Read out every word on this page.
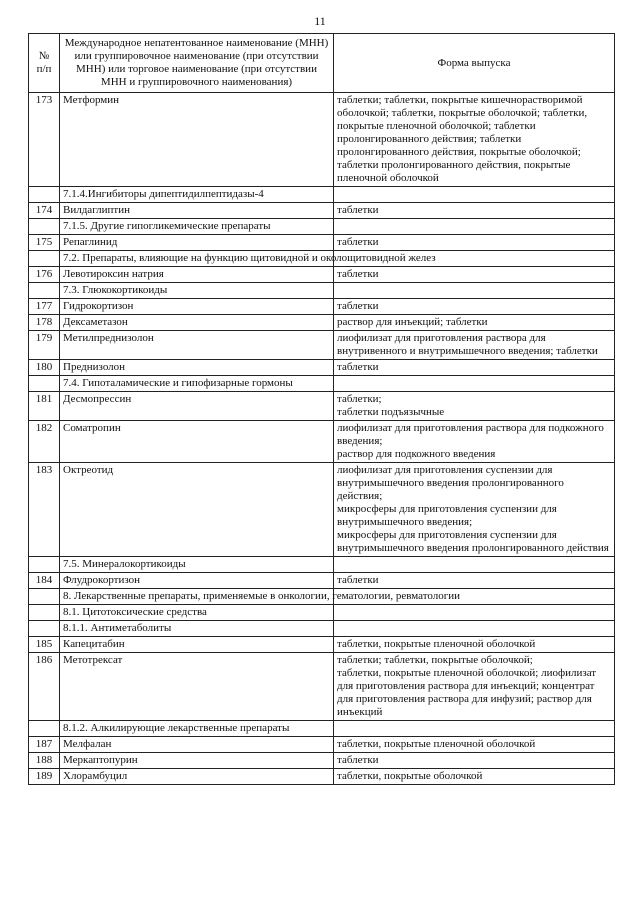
11
№
п/п	Международное непатентованное наименование (МНН) или группировочное наименование (при отсутствии МНН) или торговое наименование (при отсутствии МНН и группировочного наименования)	Форма выпуска
173	Метформин	таблетки; таблетки, покрытые кишечнорастворимой оболочкой; таблетки, покрытые оболочкой; таблетки, покрытые пленочной оболочкой; таблетки пролонгированного действия; таблетки пролонгированного действия, покрытые оболочкой; таблетки пролонгированного действия, покрытые пленочной оболочкой
	7.1.4.Ингибиторы дипептидилпептидазы-4	
174	Вилдаглиптин	таблетки
	7.1.5. Другие гипогликемические препараты	
175	Репаглинид	таблетки
	7.2. Препараты, влияющие на функцию щитовидной и околощитовидной желез	
176	Левотироксин натрия	таблетки
	7.3. Глюкокортикоиды	
177	Гидрокортизон	таблетки
178	Дексаметазон	раствор для инъекций; таблетки
179	Метилпреднизолон	лиофилизат для приготовления раствора для внутривенного и внутримышечного введения; таблетки
180	Преднизолон	таблетки
	7.4. Гипоталамические и гипофизарные гормоны	
181	Десмопрессин	таблетки;
таблетки подъязычные
182	Соматропин	лиофилизат для приготовления раствора для подкожного введения;
раствор для подкожного введения
183	Октреотид	лиофилизат для приготовления суспензии для внутримышечного введения пролонгированного действия;
микросферы для приготовления суспензии для внутримышечного введения;
микросферы для приготовления суспензии для внутримышечного введения пролонгированного действия
	7.5. Минералокортикоиды	
184	Флудрокортизон	таблетки
	8. Лекарственные препараты, применяемые в онкологии, гематологии, ревматологии	
	8.1. Цитотоксические средства	
	8.1.1. Антиметаболиты	
185	Капецитабин	таблетки, покрытые пленочной оболочкой
186	Метотрексат	таблетки; таблетки, покрытые оболочкой;
таблетки, покрытые пленочной оболочкой; лиофилизат для приготовления раствора для инъекций; концентрат для приготовления раствора для инфузий; раствор для инъекций
	8.1.2. Алкилирующие лекарственные препараты	
187	Мелфалан	таблетки, покрытые пленочной оболочкой
188	Меркаптопурин	таблетки
189	Хлорамбуцил	таблетки, покрытые оболочкой
